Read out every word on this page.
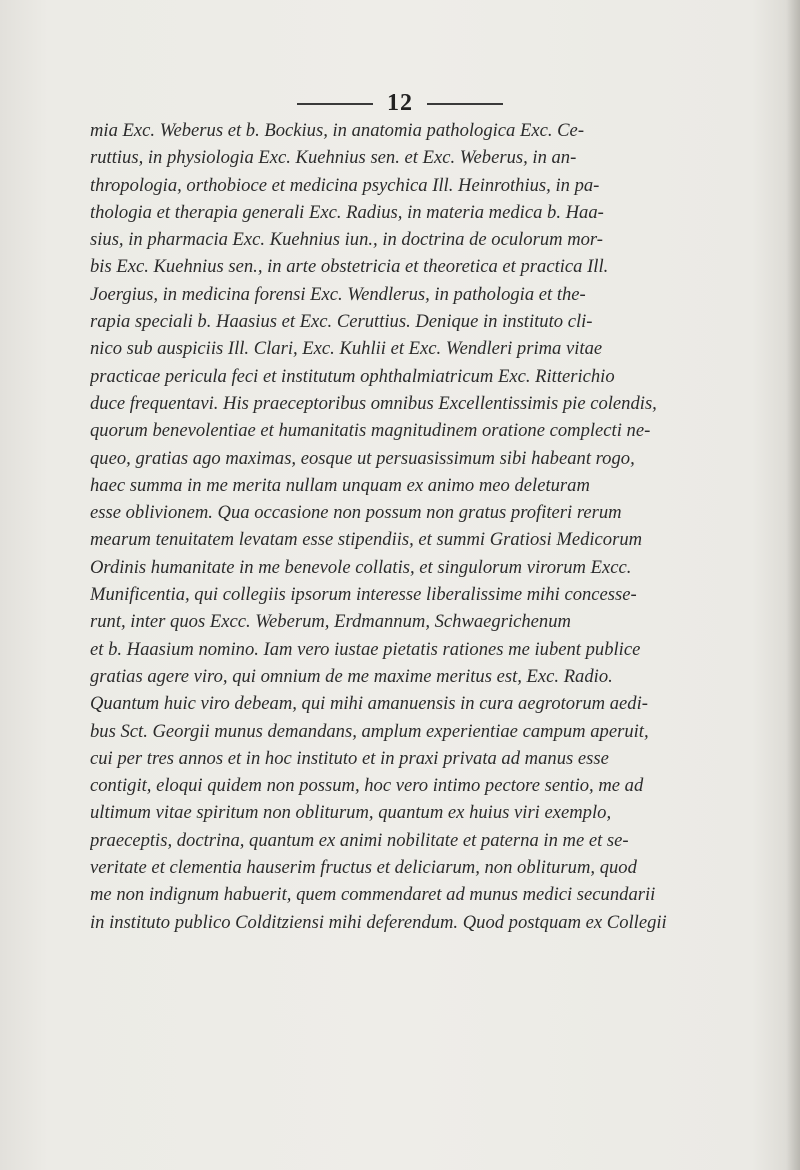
12
mia Exc. Weberus et b. Bockius, in anatomia pathologica Exc. Ce-
ruttius, in physiologia Exc. Kuehnius sen. et Exc. Weberus, in an-
thropologia, orthobioce et medicina psychica Ill. Heinrothius, in pa-
thologia et therapia generali Exc. Radius, in materia medica b. Haa-
sius, in pharmacia Exc. Kuehnius iun., in doctrina de oculorum mor-
bis Exc. Kuehnius sen., in arte obstetricia et theoretica et practica Ill.
Joergius, in medicina forensi Exc. Wendlerus, in pathologia et the-
rapia speciali b. Haasius et Exc. Ceruttius. Denique in instituto cli-
nico sub auspiciis Ill. Clari, Exc. Kuhlii et Exc. Wendleri prima vitae
practicae pericula feci et institutum ophthalmiatricum Exc. Ritterichio
duce frequentavi. His praeceptoribus omnibus Excellentissimis pie colendis,
quorum benevolentiae et humanitatis magnitudinem oratione complecti ne-
queo, gratias ago maximas, eosque ut persuasissimum sibi habeant rogo,
haec summa in me merita nullam unquam ex animo meo deleturam
esse oblivionem. Qua occasione non possum non gratus profiteri rerum
mearum tenuitatem levatam esse stipendiis, et summi Gratiosi Medicorum
Ordinis humanitate in me benevole collatis, et singulorum virorum Excc.
Munificentia, qui collegiis ipsorum interesse liberalissime mihi concesse-
runt, inter quos Excc. Weberum, Erdmannum, Schwaegrichenum
et b. Haasium nomino. Iam vero iustae pietatis rationes me iubent publice
gratias agere viro, qui omnium de me maxime meritus est, Exc. Radio.
Quantum huic viro debeam, qui mihi amanuensis in cura aegrotorum aedi-
bus Sct. Georgii munus demandans, amplum experientiae campum aperuit,
cui per tres annos et in hoc instituto et in praxi privata ad manus esse
contigit, eloqui quidem non possum, hoc vero intimo pectore sentio, me ad
ultimum vitae spiritum non obliturum, quantum ex huius viri exemplo,
praeceptis, doctrina, quantum ex animi nobilitate et paterna in me et se-
veritate et clementia hauserim fructus et deliciarum, non obliturum, quod
me non indignum habuerit, quem commendaret ad munus medici secundarii
in instituto publico Colditziensi mihi deferendum. Quod postquam ex Collegii
